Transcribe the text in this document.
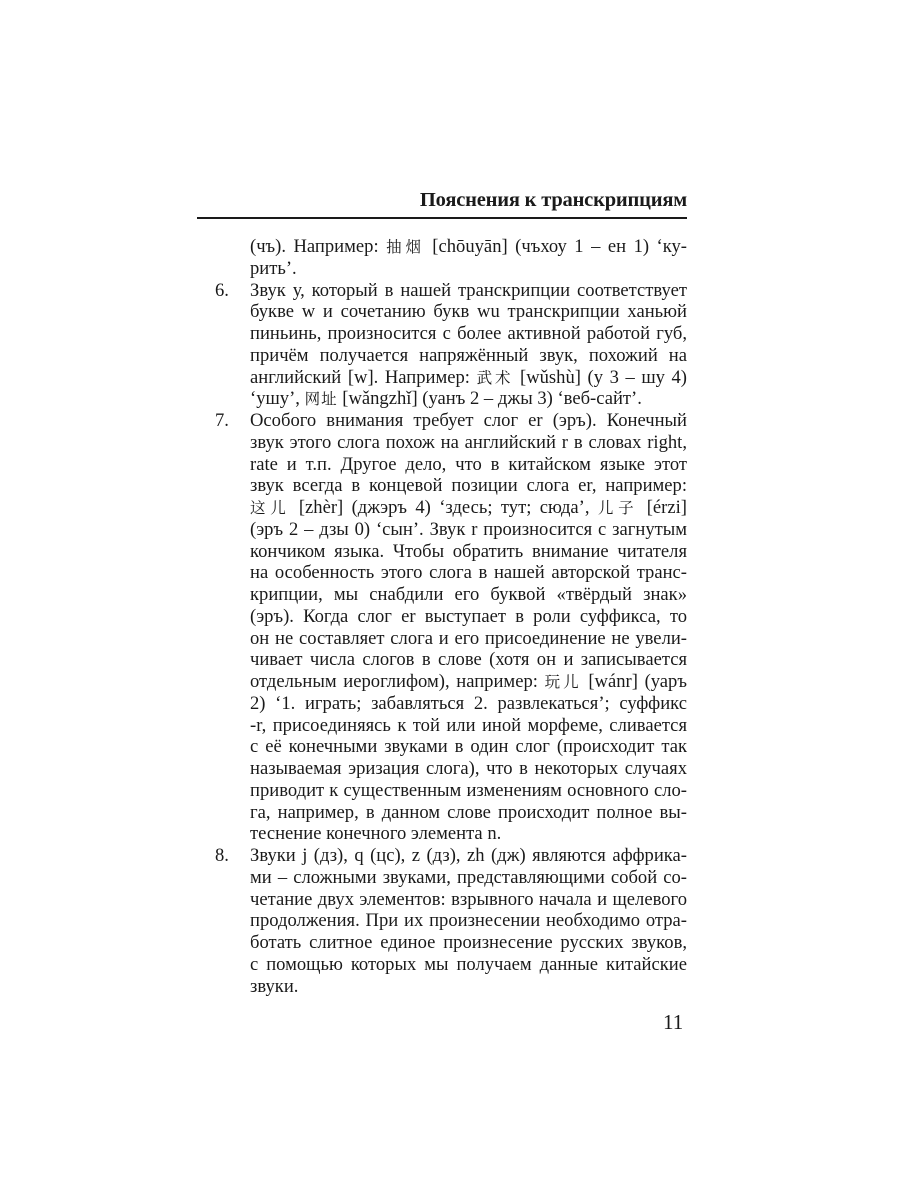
Пояснения к транскрипциям
(чъ). Например: 抽烟 [chōuyān] (чъхоу 1 – ен 1) ‘ку-
рить’.
6. Звук у, который в нашей транскрипции соответствует
букве w и сочетанию букв wu транскрипции ханьюй
пиньинь, произносится с более активной работой губ,
причём получается напряжённый звук, похожий на
английский [w]. Например: 武术 [wǔshù] (у 3 – шу 4)
‘ушу’, 网址 [wǎngzhǐ] (уанъ 2 – джы 3) ‘веб-сайт’.
7. Особого внимания требует слог er (эръ). Конечный
звук этого слога похож на английский r в словах right,
rate и т.п. Другое дело, что в китайском языке этот
звук всегда в концевой позиции слога er, например:
这儿 [zhèr] (джэръ 4) ‘здесь; тут; сюда’, 儿子 [érzi]
(эръ 2 – дзы 0) ‘сын’. Звук r произносится с загнутым
кончиком языка. Чтобы обратить внимание читателя
на особенность этого слога в нашей авторской транс-
крипции, мы снабдили его буквой «твёрдый знак»
(эръ). Когда слог er выступает в роли суффикса, то
он не составляет слога и его присоединение не увели-
чивает числа слогов в слове (хотя он и записывается
отдельным иероглифом), например: 玩儿 [wánr] (уаръ
2) ‘1. играть; забавляться 2. развлекаться’; суффикс
-r, присоединяясь к той или иной морфеме, сливается
с её конечными звуками в один слог (происходит так
называемая эризация слога), что в некоторых случаях
приводит к существенным изменениям основного сло-
га, например, в данном слове происходит полное вы-
теснение конечного элемента n.
8. Звуки j (дз), q (цс), z (дз), zh (дж) являются аффрика-
ми – сложными звуками, представляющими собой со-
четание двух элементов: взрывного начала и щелевого
продолжения. При их произнесении необходимо отра-
ботать слитное единое произнесение русских звуков,
с помощью которых мы получаем данные китайские
звуки.
11
